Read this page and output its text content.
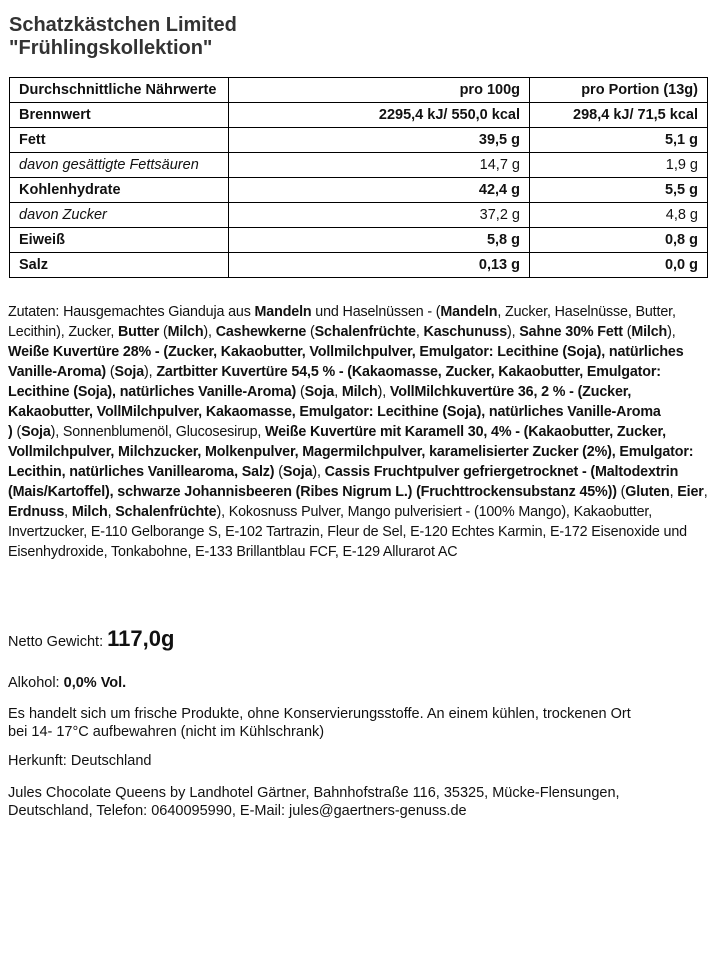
Schatzkästchen Limited
"Frühlingskollektion"
Durchschnittliche Nährwerte	pro 100g	pro Portion (13g)
Brennwert	2295,4 kJ/ 550,0 kcal	298,4 kJ/ 71,5 kcal
Fett	39,5 g	5,1 g
davon gesättigte Fettsäuren	14,7 g	1,9 g
Kohlenhydrate	42,4 g	5,5 g
davon Zucker	37,2 g	4,8 g
Eiweiß	5,8 g	0,8 g
Salz	0,13 g	0,0 g
Zutaten: Hausgemachtes Gianduja aus Mandeln und Haselnüssen - (Mandeln, Zucker, Haselnüsse, Butter, Lecithin), Zucker, Butter (Milch), Cashewkerne (Schalenfrüchte, Kaschunuss), Sahne 30% Fett (Milch), Weiße Kuvertüre 28% - (Zucker, Kakaobutter, Vollmilchpulver, Emulgator: Lecithine (Soja), natürliches Vanille-Aroma) (Soja), Zartbitter Kuvertüre 54,5 % - (Kakaomasse, Zucker, Kakaobutter, Emulgator: Lecithine (Soja), natürliches Vanille-Aroma) (Soja, Milch), VollMilchkuvertüre 36, 2 % - (Zucker, Kakaobutter, VollMilchpulver, Kakaomasse, Emulgator: Lecithine (Soja), natürliches Vanille-Aroma
) (Soja), Sonnenblumenöl, Glucosesirup, Weiße Kuvertüre mit Karamell 30, 4% - (Kakaobutter, Zucker, Vollmilchpulver, Milchzucker, Molkenpulver, Magermilchpulver, karamelisierter Zucker (2%), Emulgator: Lecithin, natürliches Vanillearoma, Salz) (Soja), Cassis Fruchtpulver gefriergetrocknet - (Maltodextrin (Mais/Kartoffel), schwarze Johannisbeeren (Ribes Nigrum L.) (Fruchttrockensubstanz 45%)) (Gluten, Eier, Erdnuss, Milch, Schalenfrüchte), Kokosnuss Pulver, Mango pulverisiert - (100% Mango), Kakaobutter, Invertzucker, E-110 Gelborange S, E-102 Tartrazin, Fleur de Sel, E-120 Echtes Karmin, E-172 Eisenoxide und Eisenhydroxide, Tonkabohne, E-133 Brillantblau FCF, E-129 Allurarot AC
Netto Gewicht: 117,0g
Alkohol: 0,0% Vol.
Es handelt sich um frische Produkte, ohne Konservierungsstoffe. An einem kühlen, trockenen Ort
bei 14- 17°C aufbewahren (nicht im Kühlschrank)
Herkunft: Deutschland
Jules Chocolate Queens by Landhotel Gärtner, Bahnhofstraße 116, 35325, Mücke-Flensungen,
Deutschland, Telefon: 0640095990, E-Mail: jules@gaertners-genuss.de
